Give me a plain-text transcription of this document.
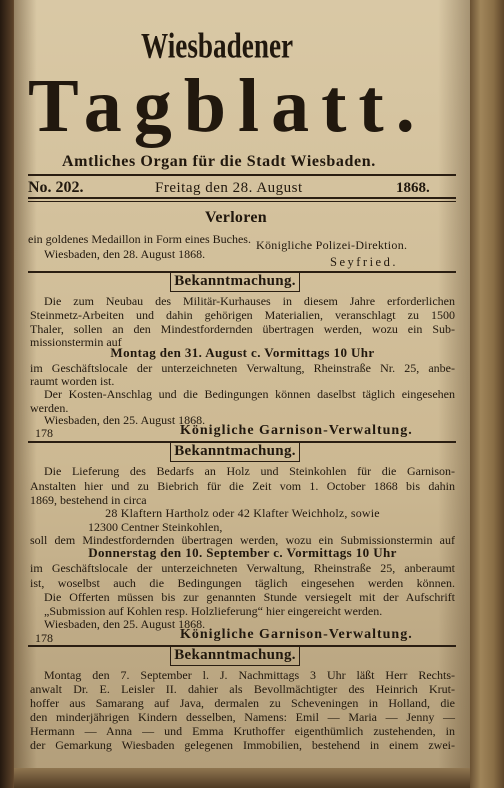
Wiesbadener
Tagblatt.
Amtliches Organ für die Stadt Wiesbaden.
No. 202.	Freitag den 28. August	1868.
Verloren
ein goldenes Medaillon in Form eines Buches. Königliche Polizei-Direktion.
Wiesbaden, den 28. August 1868.
Seyfried.
Bekanntmachung.
Die zum Neubau des Militär-Kurhauses in diesem Jahre erforderlichen
Steinmetz-Arbeiten und dahin gehörigen Materialien, veranschlagt zu 1500
Thaler, sollen an den Mindestfordernden übertragen werden, wozu ein Sub-
missionstermin auf
Montag den 31. August c. Vormittags 10 Uhr
im Geschäftslocale der unterzeichneten Verwaltung, Rheinstraße Nr. 25, anbe-
raumt worden ist.
Der Kosten-Anschlag und die Bedingungen können daselbst täglich eingesehen
werden.
Wiesbaden, den 25. August 1868.
178	Königliche Garnison-Verwaltung.
Bekanntmachung.
Die Lieferung des Bedarfs an Holz und Steinkohlen für die Garnison-
Anstalten hier und zu Biebrich für die Zeit vom 1. October 1868 bis dahin
1869, bestehend in circa
28 Klaftern Hartholz oder 42 Klafter Weichholz, sowie
12300 Centner Steinkohlen,
soll dem Mindestfordernden übertragen werden, wozu ein Submissionstermin auf
Donnerstag den 10. September c. Vormittags 10 Uhr
im Geschäftslocale der unterzeichneten Verwaltung, Rheinstraße 25, anberaumt
ist, woselbst auch die Bedingungen täglich eingesehen werden können.
Die Offerten müssen bis zur genannten Stunde versiegelt mit der Aufschrift
„Submission auf Kohlen resp. Holzlieferung“ hier eingereicht werden.
Wiesbaden, den 25. August 1868.
178	Königliche Garnison-Verwaltung.
Bekanntmachung.
Montag den 7. September l. J. Nachmittags 3 Uhr läßt Herr Rechts-
anwalt Dr. E. Leisler II. dahier als Bevollmächtigter des Heinrich Krut-
hoffer aus Samarang auf Java, dermalen zu Scheveningen in Holland, die
den minderjährigen Kindern desselben, Namens: Emil — Maria — Jenny —
Hermann — Anna — und Emma Kruthoffer eigenthümlich zustehenden, in
der Gemarkung Wiesbaden gelegenen Immobilien, bestehend in einem zwei-
